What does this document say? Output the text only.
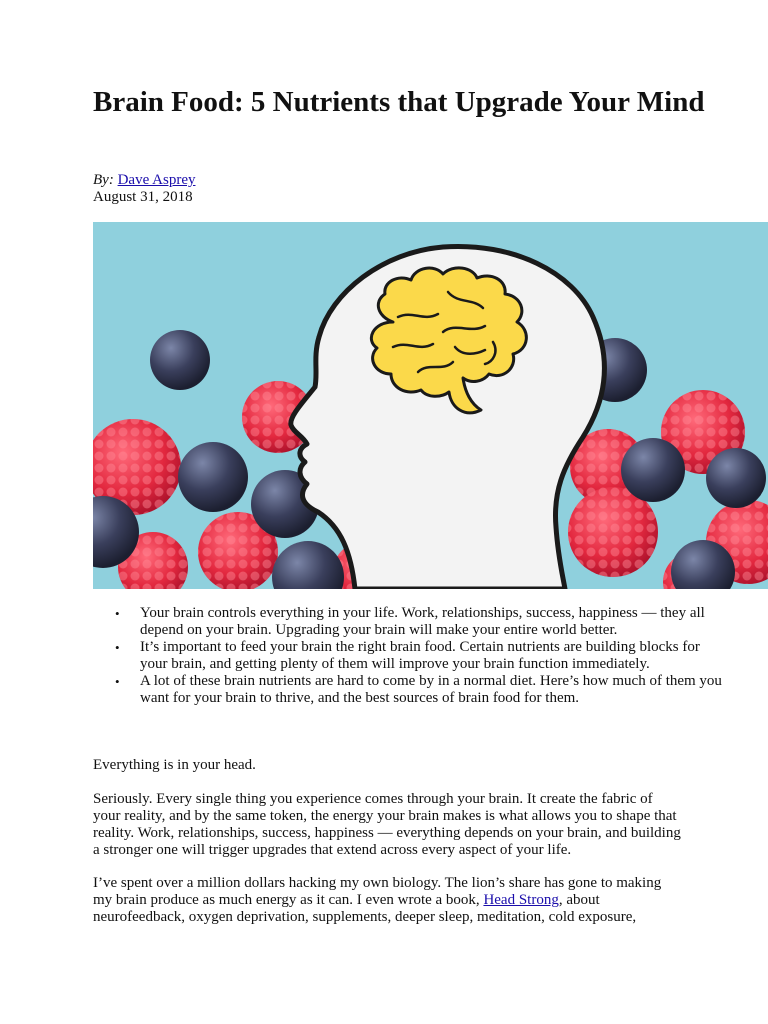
Brain Food: 5 Nutrients that Upgrade Your Mind
By: Dave Asprey
August 31, 2018
• Your brain controls everything in your life. Work, relationships, success, happiness — they all depend on your brain. Upgrading your brain will make your entire world better.
• It’s important to feed your brain the right brain food. Certain nutrients are building blocks for your brain, and getting plenty of them will improve your brain function immediately.
• A lot of these brain nutrients are hard to come by in a normal diet. Here’s how much of them you want for your brain to thrive, and the best sources of brain food for them.

Everything is in your head.

Seriously. Every single thing you experience comes through your brain. It create the fabric of your reality, and by the same token, the energy your brain makes is what allows you to shape that reality. Work, relationships, success, happiness — everything depends on your brain, and building a stronger one will trigger upgrades that extend across every aspect of your life.

I’ve spent over a million dollars hacking my own biology. The lion’s share has gone to making my brain produce as much energy as it can. I even wrote a book, Head Strong, about neurofeedback, oxygen deprivation, supplements, deeper sleep, meditation, cold exposure,
